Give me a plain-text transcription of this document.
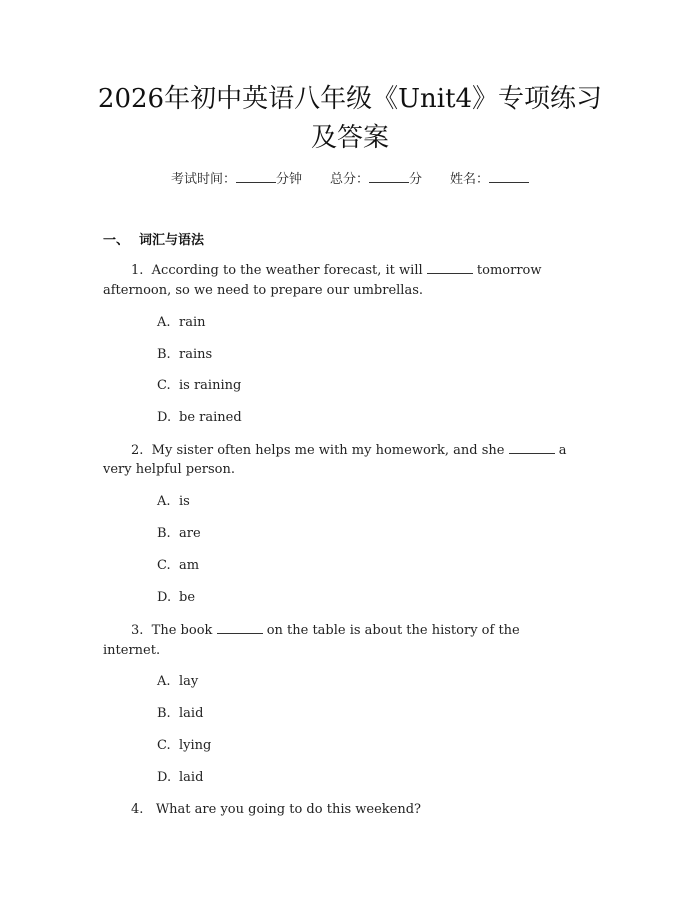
2026年初中英语八年级《Unit4》专项练习
及答案
考试时间：	分钟 总分：	分 姓名：
一、 词汇与语法
1. According to the weather forecast, it will	tomorrow
afternoon, so we need to prepare our umbrellas.
A. rain
B. rains
C. is raining
D. be rained
2. My sister often helps me with my homework, and she	a
very helpful person.
A. is
B. are
C. am
D. be
3. The book	on the table is about the history of the
internet.
A. lay
B. laid
C. lying
D. laid
4. What are you going to do this weekend?
